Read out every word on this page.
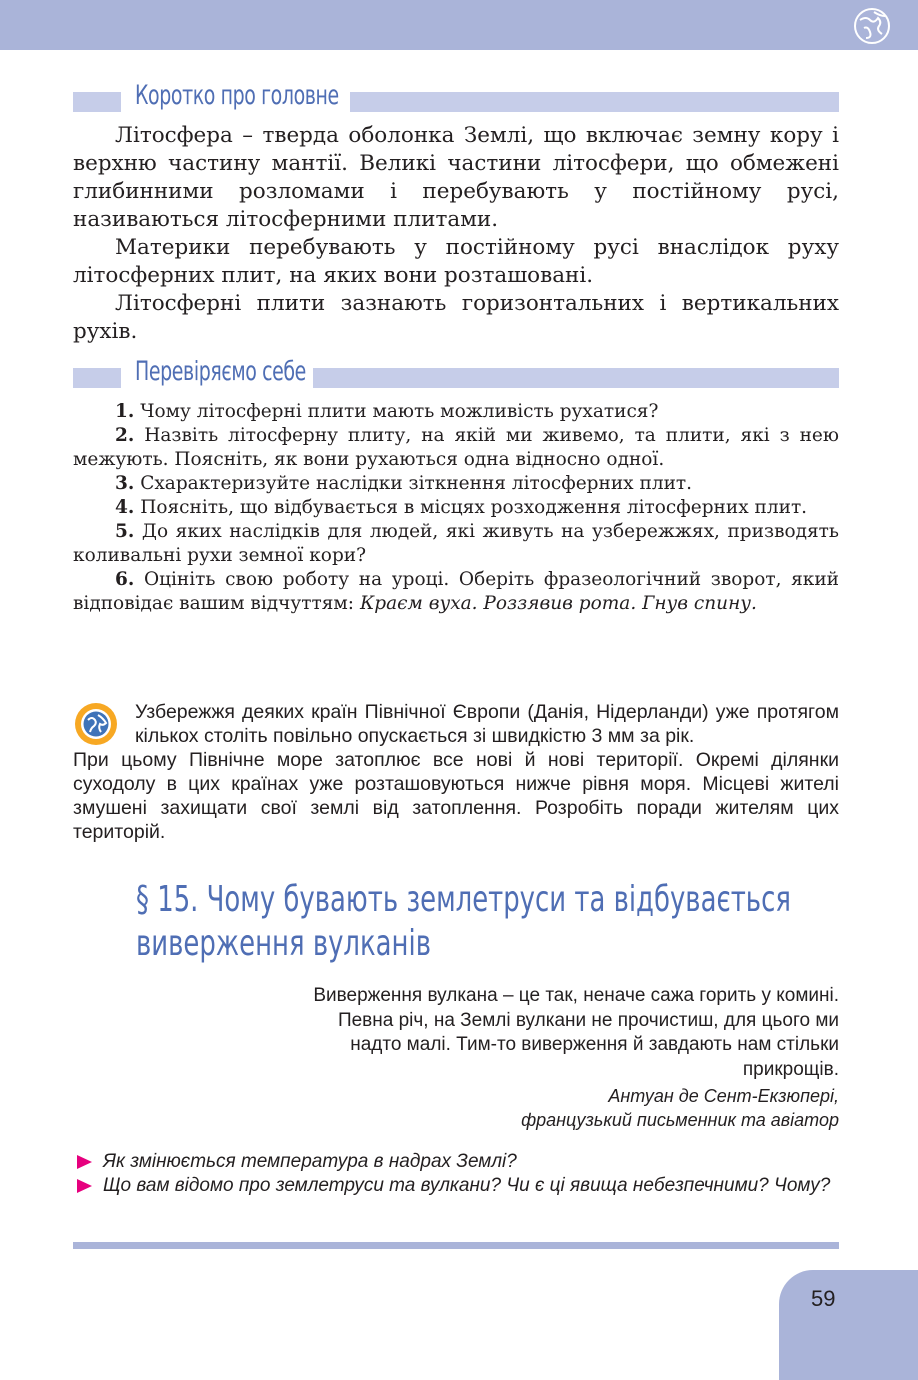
Коротко про головне

Літосфера – тверда оболонка Землі, що включає земну кору і верхню частину мантії. Великі частини літосфери, що обмежені глибинними розломами і перебувають у постійному русі, називаються літосферними плитами.

Материки перебувають у постійному русі внаслідок руху літосферних плит, на яких вони розташовані.

Літосферні плити зазнають горизонтальних і вертикальних рухів.

Перевіряємо себе

1. Чому літосферні плити мають можливість рухатися?

2. Назвіть літосферну плиту, на якій ми живемо, та плити, які з нею межують. Поясніть, як вони рухаються одна відносно одної.

3. Схарактеризуйте наслідки зіткнення літосферних плит.

4. Поясніть, що відбувається в місцях розходження літосферних плит.

5. До яких наслідків для людей, які живуть на узбережжях, призводять коливальні рухи земної кори?

6. Оцініть свою роботу на уроці. Оберіть фразеологічний зворот, який відповідає вашим відчуттям: Краєм вуха. Роззявив рота. Гнув спину.

Узбережжя деяких країн Північної Європи (Данія, Нідерланди) уже протягом кількох століть повільно опускається зі швидкістю 3 мм за рік.
При цьому Північне море затоплює все нові й нові території. Окремі ділянки суходолу в цих країнах уже розташовуються нижче рівня моря. Місцеві жителі змушені захищати свої землі від затоплення. Розробіть поради жителям цих територій.
§ 15. Чому бувають землетруси та відбувається
виверження вулканів

Виверження вулкана – це так, неначе сажа горить у комині. Певна річ, на Землі вулкани не прочистиш, для цього ми надто малі. Тим-то виверження й завдають нам стільки прикрощів.

Антуан де Сент-Екзюпері,
французький письменник та авіатор
Як змінюється температура в надрах Землі?
Що вам відомо про землетруси та вулкани? Чи є ці явища небезпечними? Чому?
59
